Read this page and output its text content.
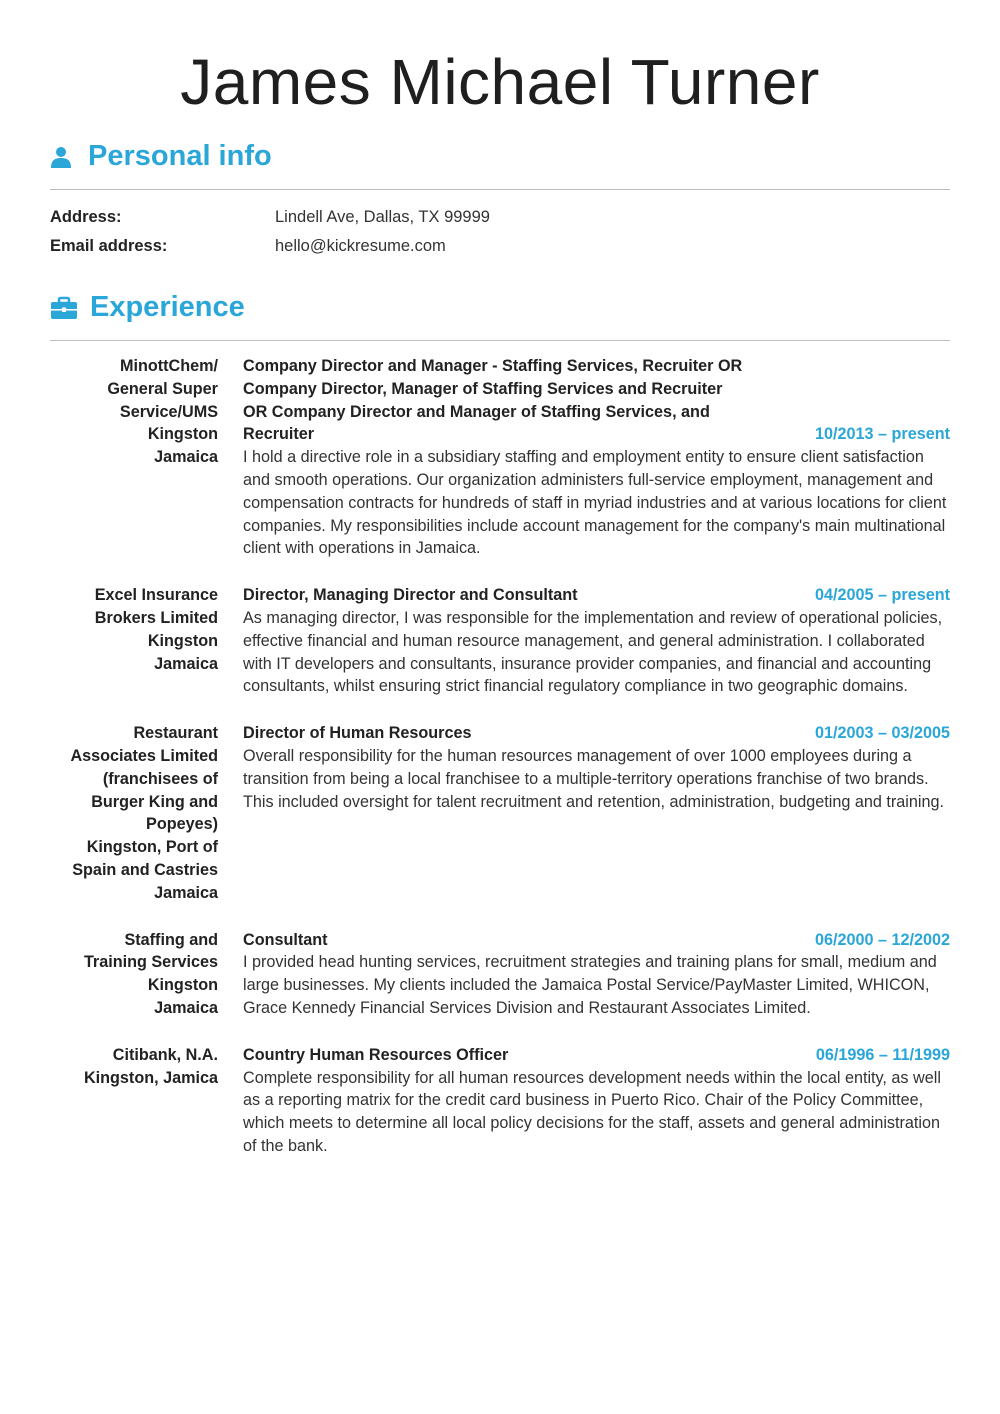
James Michael Turner
Personal info
Address:	Lindell Ave, Dallas, TX 99999
Email address:	hello@kickresume.com
Experience
MinottChem/
General Super
Service/UMS
Kingston
Jamaica
Company Director and Manager - Staffing Services, Recruiter OR Company Director, Manager of Staffing Services and Recruiter OR Company Director and Manager of Staffing Services, and Recruiter	10/2013 – present
I hold a directive role in a subsidiary staffing and employment entity to ensure client satisfaction and smooth operations. Our organization administers full-service employment, management and compensation contracts for hundreds of staff in myriad industries and at various locations for client companies. My responsibilities include account management for the company's main multinational client with operations in Jamaica.
Excel Insurance
Brokers Limited
Kingston
Jamaica
Director, Managing Director and Consultant	04/2005 – present
As managing director, I was responsible for the implementation and review of operational policies, effective financial and human resource management, and general administration. I collaborated with IT developers and consultants, insurance provider companies, and financial and accounting consultants, whilst ensuring strict financial regulatory compliance in two geographic domains.
Restaurant
Associates Limited
(franchisees of
Burger King and
Popeyes)
Kingston, Port of
Spain and Castries
Jamaica
Director of Human Resources	01/2003 – 03/2005
Overall responsibility for the human resources management of over 1000 employees during a transition from being a local franchisee to a multiple-territory operations franchise of two brands. This included oversight for talent recruitment and retention, administration, budgeting and training.
Staffing and
Training Services
Kingston
Jamaica
Consultant	06/2000 – 12/2002
I provided head hunting services, recruitment strategies and training plans for small, medium and large businesses. My clients included the Jamaica Postal Service/PayMaster Limited, WHICON, Grace Kennedy Financial Services Division and Restaurant Associates Limited.
Citibank, N.A.
Kingston, Jamica
Country Human Resources Officer	06/1996 – 11/1999
Complete responsibility for all human resources development needs within the local entity, as well as a reporting matrix for the credit card business in Puerto Rico. Chair of the Policy Committee, which meets to determine all local policy decisions for the staff, assets and general administration of the bank.
